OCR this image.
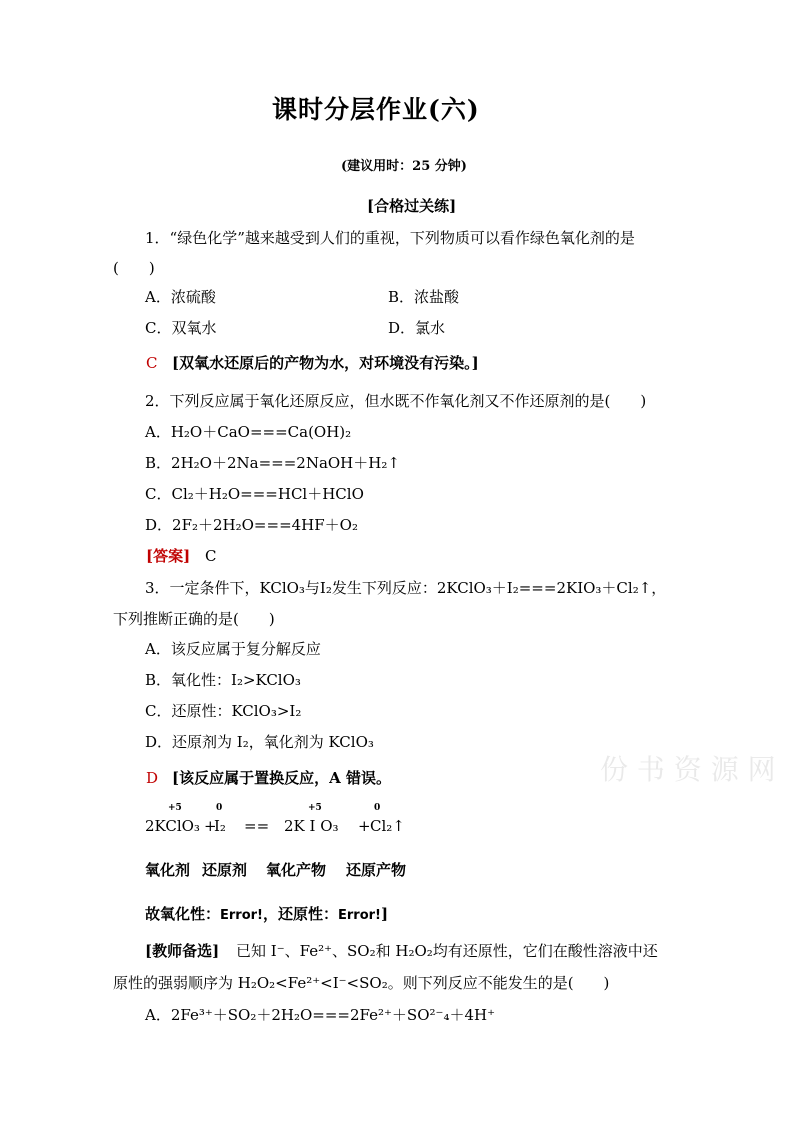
课时分层作业(六)
(建议用时：25 分钟)
[合格过关练]
1．“绿色化学”越来越受到人们的重视，下列物质可以看作绿色氧化剂的是
(　　)
A．浓硫酸	B．浓盐酸
C．双氧水	D．氯水
C [双氧水还原后的产物为水，对环境没有污染。]
2．下列反应属于氧化还原反应，但水既不作氧化剂又不作还原剂的是(　　)
A．H₂O＋CaO===Ca(OH)₂
B．2H₂O＋2Na===2NaOH＋H₂↑
C．Cl₂＋H₂O===HCl＋HClO
D．2F₂＋2H₂O===4HF＋O₂
[答案] C
3．一定条件下，KClO₃与I₂发生下列反应：2KClO₃＋I₂===2KIO₃＋Cl₂↑，
下列推断正确的是(　　)
A．该反应属于复分解反应
B．氧化性：I₂>KClO₃
C．还原性：KClO₃>I₂
D．还原剂为 I₂，氧化剂为 KClO₃
D [该反应属于置换反应，A 错误。	份 书 资 源 网
+5	0	+5	0
2KClO₃ +
I₂ == 2K I O₃ + Cl₂↑
氧化剂 还原剂 氧化产物 还原产物
故氧化性：Error!，还原性：Error!]
[教师备选] 已知 I⁻、Fe²⁺、SO₂和 H₂O₂均有还原性，它们在酸性溶液中还
原性的强弱顺序为 H₂O₂<Fe²⁺<I⁻<SO₂。则下列反应不能发生的是(　　)
A．2Fe³⁺＋SO₂＋2H₂O===2Fe²⁺＋SO²⁻₄＋4H⁺
